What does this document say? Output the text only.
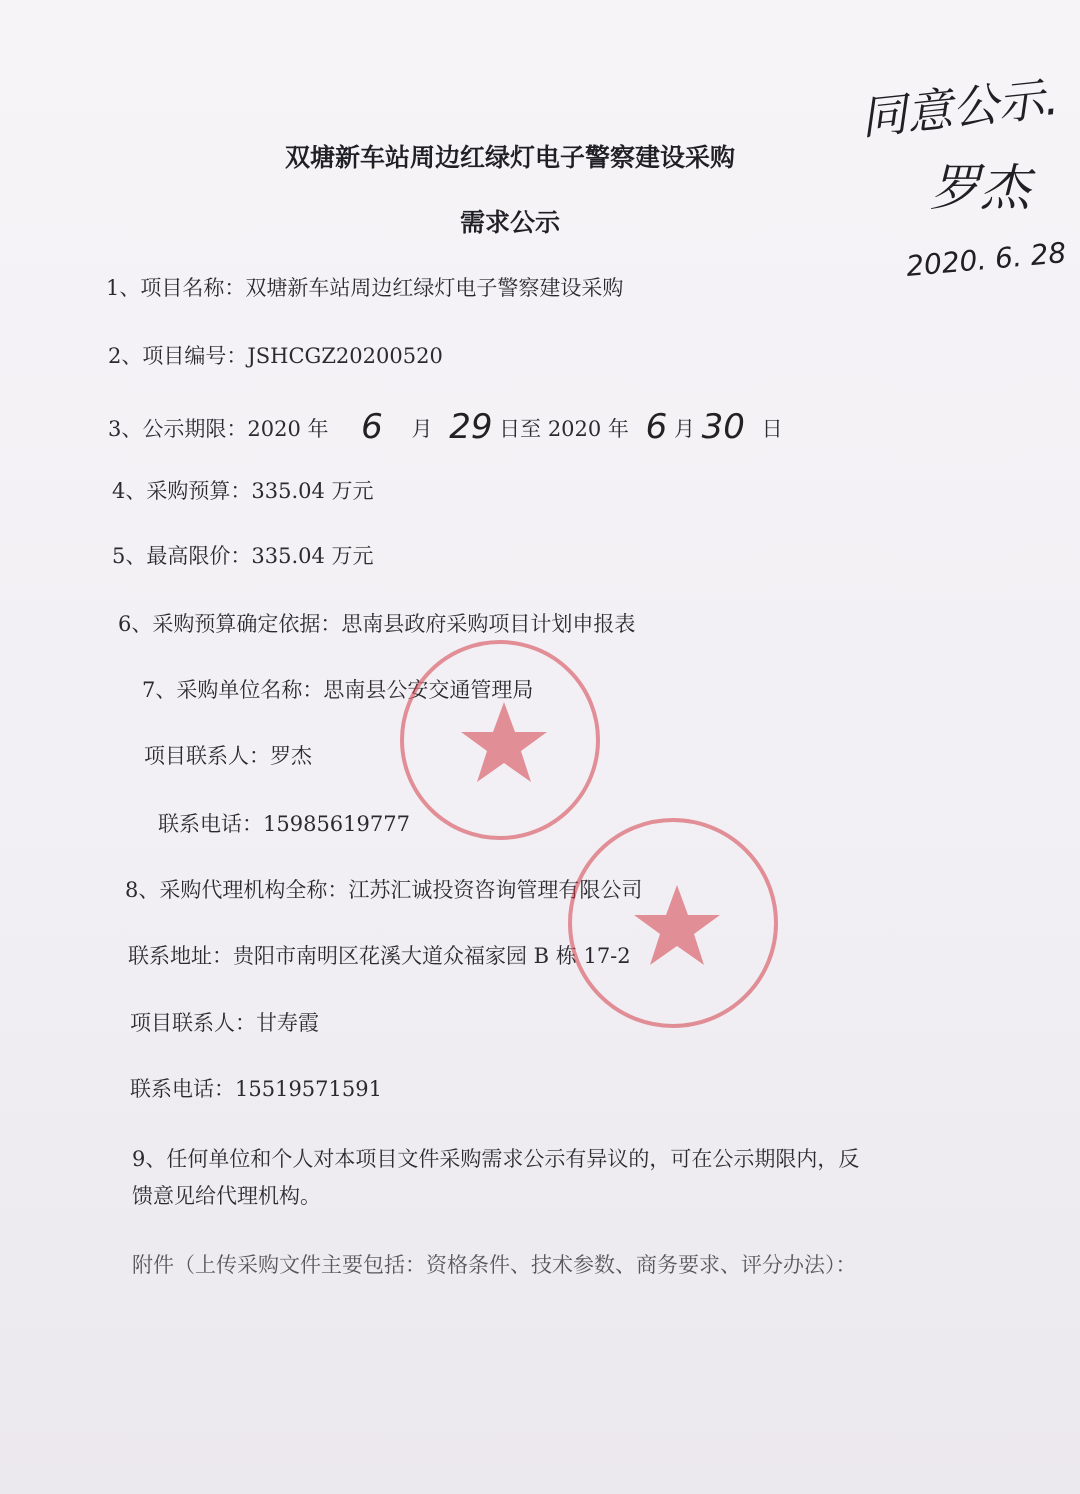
双塘新车站周边红绿灯电子警察建设采购
需求公示
1、项目名称：双塘新车站周边红绿灯电子警察建设采购
2、项目编号：JSHCGZ20200520
3、公示期限：2020 年 6 月 29 日至 2020 年 6 月 30 日
4、采购预算：335.04 万元
5、最高限价：335.04 万元
6、采购预算确定依据：思南县政府采购项目计划申报表
7、采购单位名称：思南县公安交通管理局
项目联系人：罗杰
联系电话：15985619777
8、采购代理机构全称：江苏汇诚投资咨询管理有限公司
联系地址：贵阳市南明区花溪大道众福家园 B 栋 17-2
项目联系人：甘寿霞
联系电话：15519571591
9、任何单位和个人对本项目文件采购需求公示有异议的，可在公示期限内，反
馈意见给代理机构。
附件（上传采购文件主要包括：资格条件、技术参数、商务要求、评分办法）：
同意公示.
罗杰
2020. 6. 28
